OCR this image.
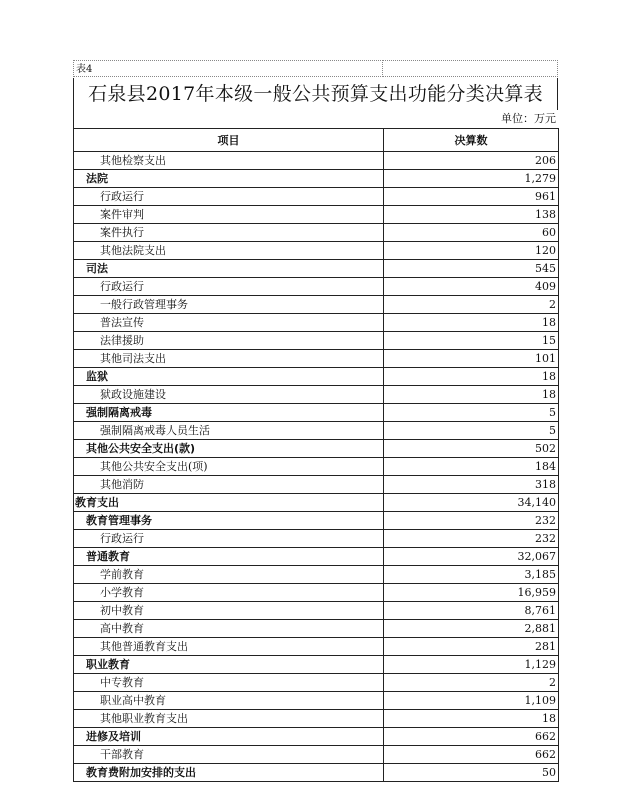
表4
石泉县2017年本级一般公共预算支出功能分类决算表
单位：万元
项目	决算数
其他检察支出	206
法院	1,279
行政运行	961
案件审判	138
案件执行	60
其他法院支出	120
司法	545
行政运行	409
一般行政管理事务	2
普法宣传	18
法律援助	15
其他司法支出	101
监狱	18
狱政设施建设	18
强制隔离戒毒	5
强制隔离戒毒人员生活	5
其他公共安全支出(款)	502
其他公共安全支出(项)	184
其他消防	318
教育支出	34,140
教育管理事务	232
行政运行	232
普通教育	32,067
学前教育	3,185
小学教育	16,959
初中教育	8,761
高中教育	2,881
其他普通教育支出	281
职业教育	1,129
中专教育	2
职业高中教育	1,109
其他职业教育支出	18
进修及培训	662
干部教育	662
教育费附加安排的支出	50
